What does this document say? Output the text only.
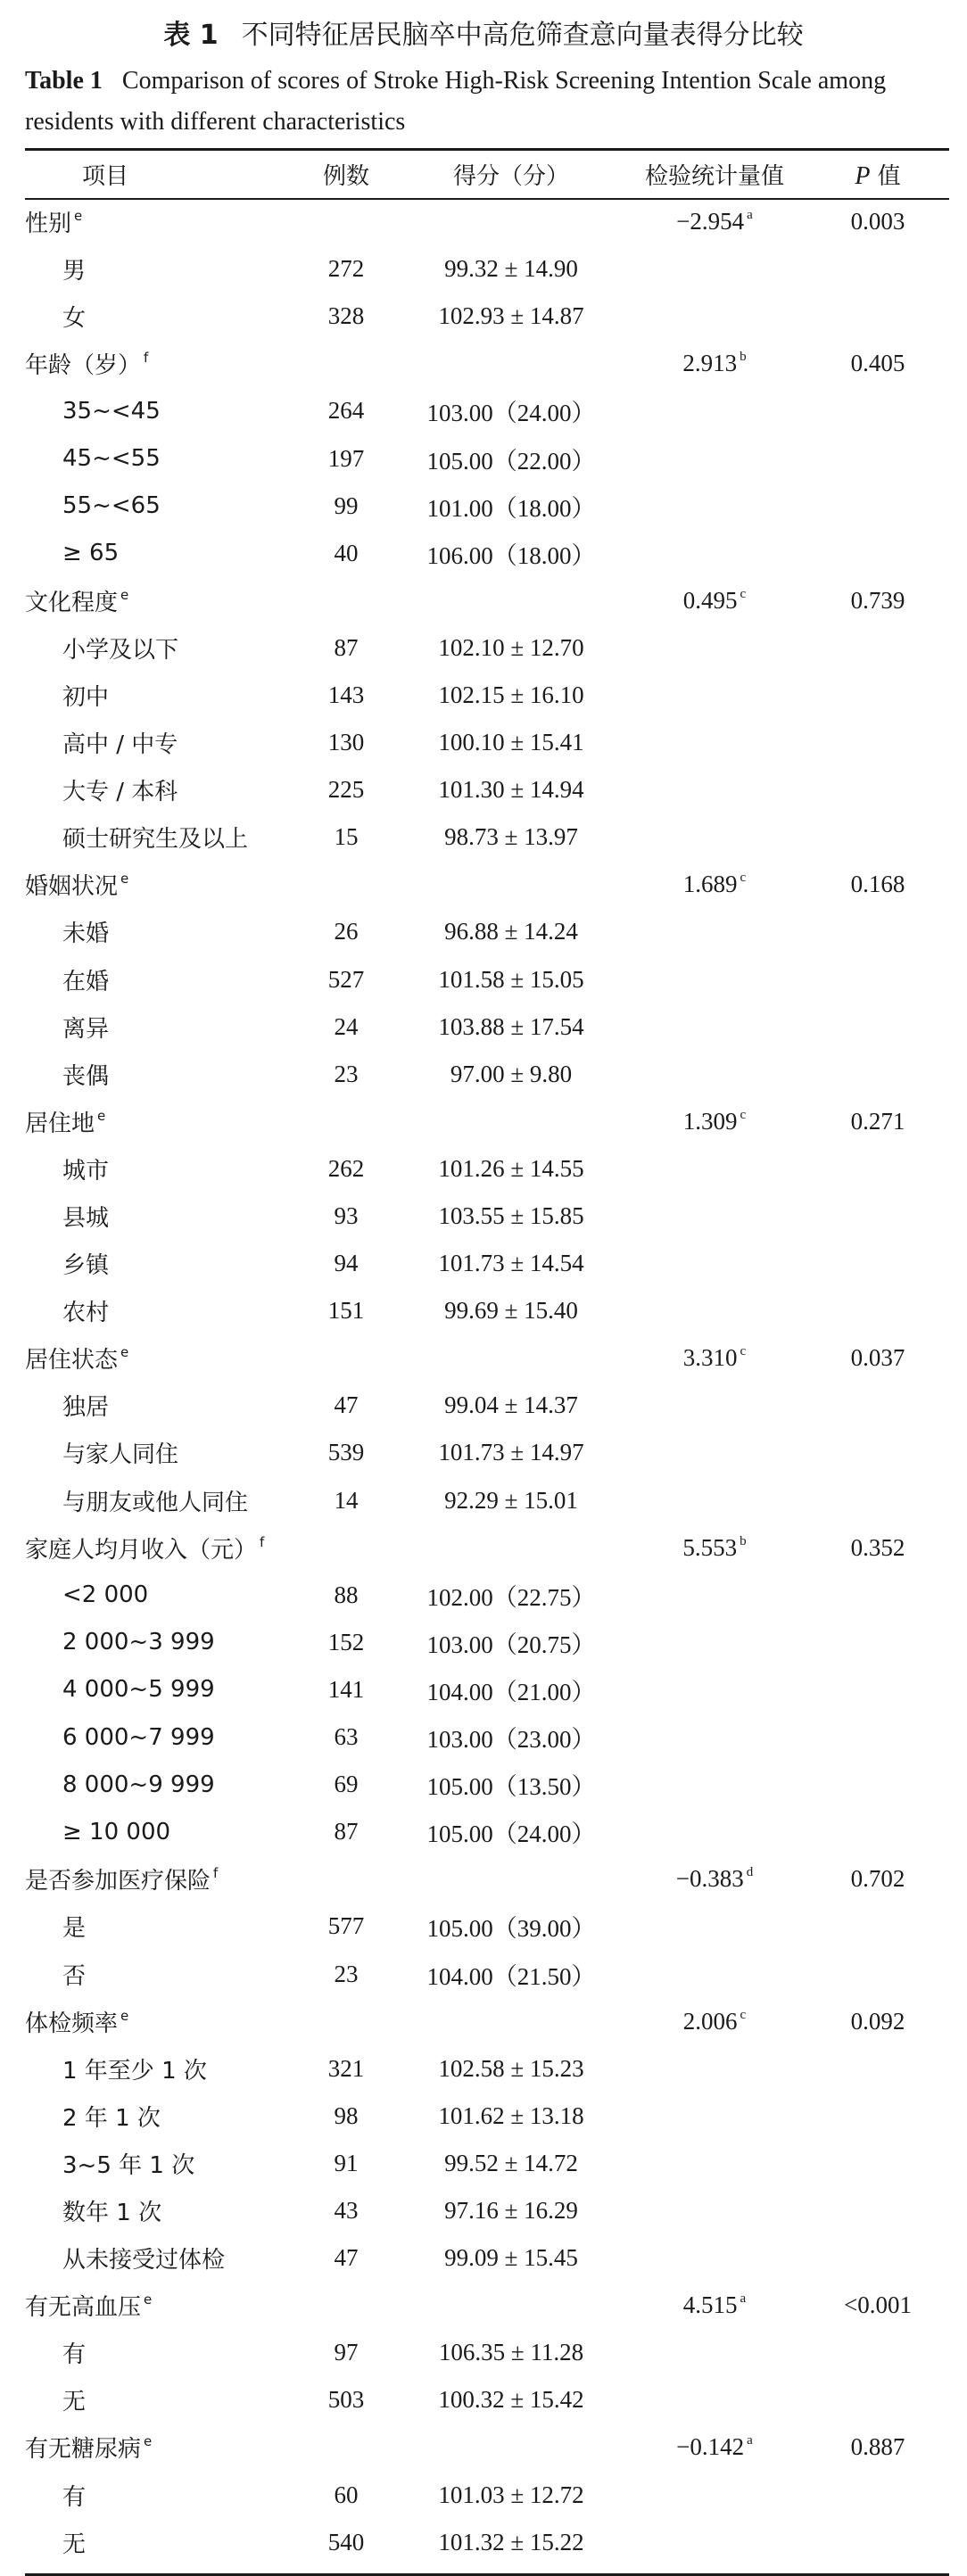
表 1 不同特征居民脑卒中高危筛查意向量表得分比较
Table 1 Comparison of scores of Stroke High-Risk Screening Intention Scale among residents with different characteristics
项目	例数	得分（分）	检验统计量值	P 值
性别 $^e$			−2.954 $^a$	0.003
男	272	99.32 ± 14.90		
女	328	102.93 ± 14.87		
年龄（岁） $^f$			2.913 $^b$	0.405
35~<45	264	103.00（24.00）		
45~<55	197	105.00（22.00）		
55~<65	99	101.00（18.00）		
≥ 65	40	106.00（18.00）		
文化程度 $^e$			0.495 $^c$	0.739
小学及以下	87	102.10 ± 12.70		
初中	143	102.15 ± 16.10		
高中 / 中专	130	100.10 ± 15.41		
大专 / 本科	225	101.30 ± 14.94		
硕士研究生及以上	15	98.73 ± 13.97		
婚姻状况 $^e$			1.689 $^c$	0.168
未婚	26	96.88 ± 14.24		
在婚	527	101.58 ± 15.05		
离异	24	103.88 ± 17.54		
丧偶	23	97.00 ± 9.80		
居住地 $^e$			1.309 $^c$	0.271
城市	262	101.26 ± 14.55		
县城	93	103.55 ± 15.85		
乡镇	94	101.73 ± 14.54		
农村	151	99.69 ± 15.40		
居住状态 $^e$			3.310 $^c$	0.037
独居	47	99.04 ± 14.37		
与家人同住	539	101.73 ± 14.97		
与朋友或他人同住	14	92.29 ± 15.01		
家庭人均月收入（元） $^f$			5.553 $^b$	0.352
<2 000	88	102.00（22.75）		
2 000~3 999	152	103.00（20.75）		
4 000~5 999	141	104.00（21.00）		
6 000~7 999	63	103.00（23.00）		
8 000~9 999	69	105.00（13.50）		
≥ 10 000	87	105.00（24.00）		
是否参加医疗保险 $^f$			−0.383 $^d$	0.702
是	577	105.00（39.00）		
否	23	104.00（21.50）		
体检频率 $^e$			2.006 $^c$	0.092
1 年至少 1 次	321	102.58 ± 15.23		
2 年 1 次	98	101.62 ± 13.18		
3~5 年 1 次	91	99.52 ± 14.72		
数年 1 次	43	97.16 ± 16.29		
从未接受过体检	47	99.09 ± 15.45		
有无高血压 $^e$			4.515 $^a$	<0.001
有	97	106.35 ± 11.28		
无	503	100.32 ± 15.42		
有无糖尿病 $^e$			−0.142 $^a$	0.887
有	60	101.03 ± 12.72		
无	540	101.32 ± 15.22		
